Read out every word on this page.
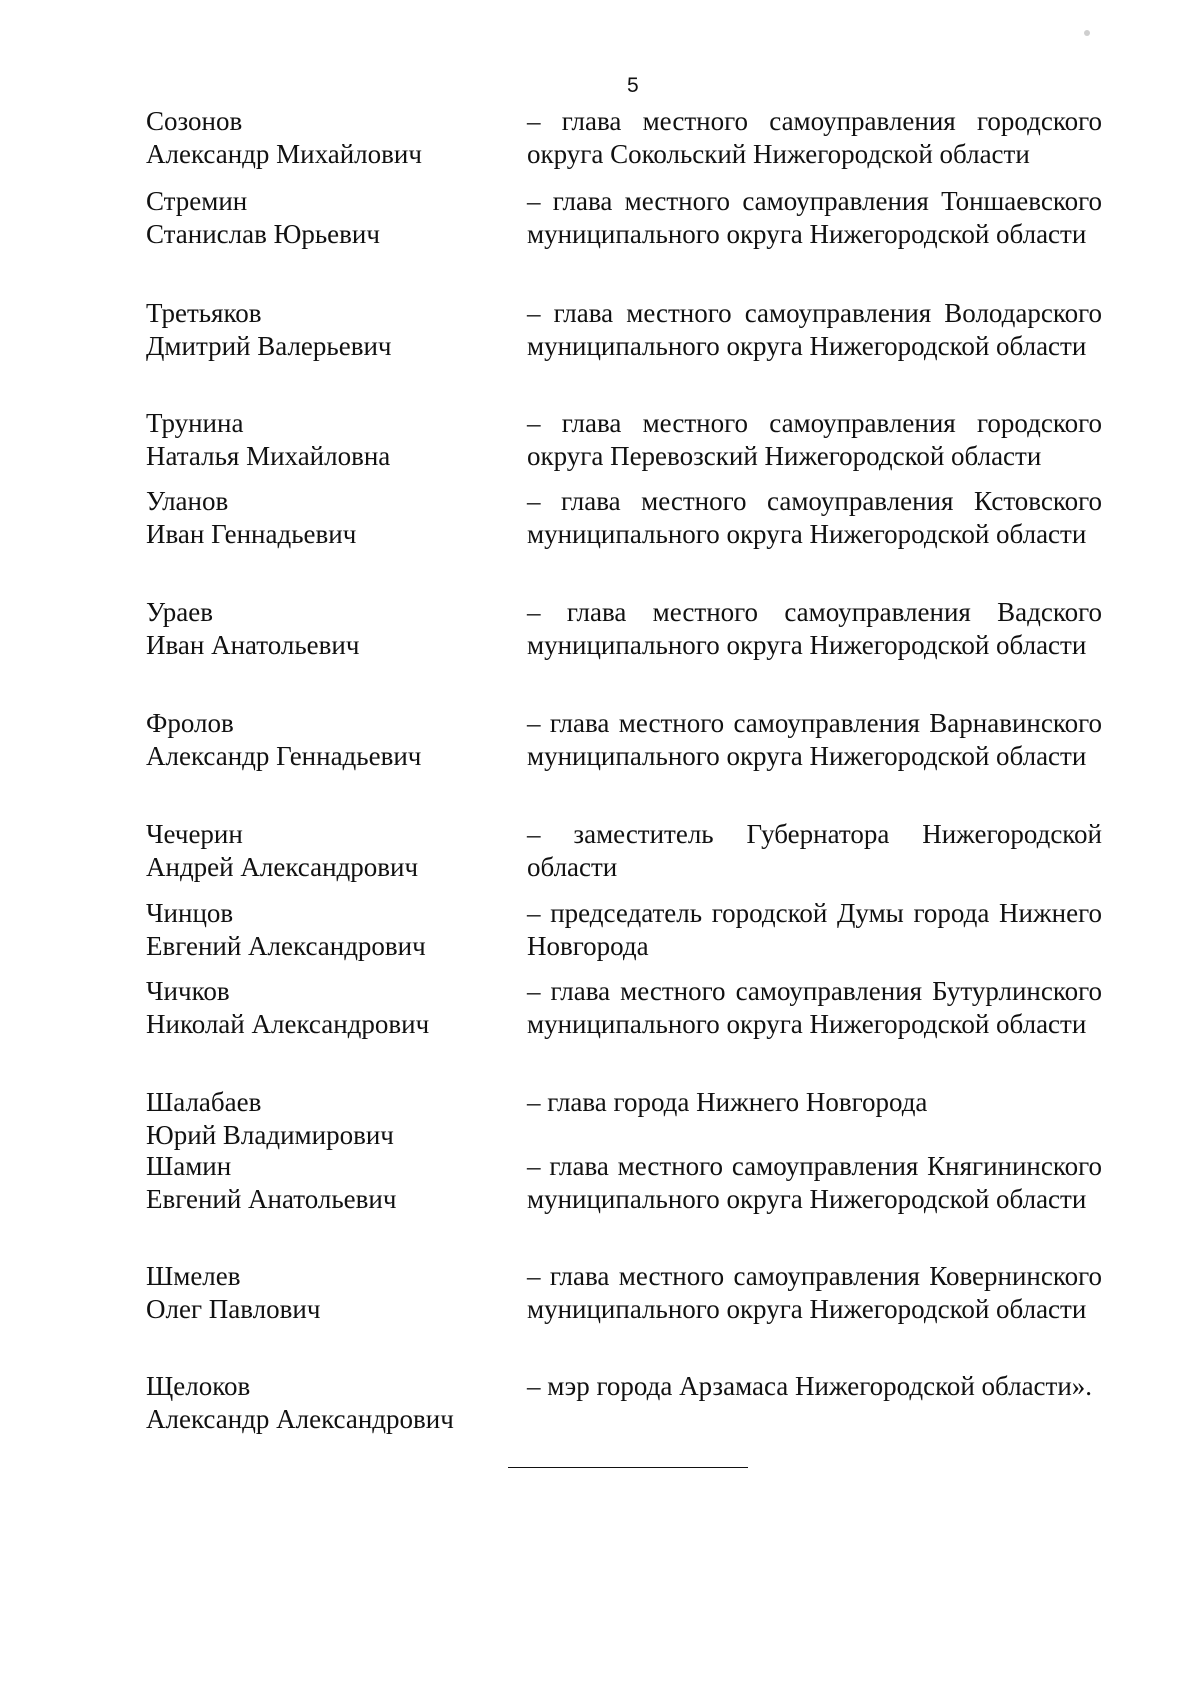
5
Созонов
Александр Михайлович
– глава местного самоуправления городского округа Сокольский Нижегородской области
Стремин
Станислав Юрьевич
– глава местного самоуправления Тоншаевского муниципального округа Нижегородской области
Третьяков
Дмитрий Валерьевич
– глава местного самоуправления Володарского муниципального округа Нижегородской области
Трунина
Наталья Михайловна
– глава местного самоуправления городского округа Перевозский Нижегородской области
Уланов
Иван Геннадьевич
– глава местного самоуправления Кстовского муниципального округа Нижегородской области
Ураев
Иван Анатольевич
– глава местного самоуправления Вадского муниципального округа Нижегородской области
Фролов
Александр Геннадьевич
– глава местного самоуправления Варнавинского муниципального округа Нижегородской области
Чечерин
Андрей Александрович
– заместитель Губернатора Нижегородской области
Чинцов
Евгений Александрович
– председатель городской Думы города Нижнего Новгорода
Чичков
Николай Александрович
– глава местного самоуправления Бутурлинского муниципального округа Нижегородской области
Шалабаев
Юрий Владимирович
– глава города Нижнего Новгорода
Шамин
Евгений Анатольевич
– глава местного самоуправления Княгининского муниципального округа Нижегородской области
Шмелев
Олег Павлович
– глава местного самоуправления Ковернинского муниципального округа Нижегородской области
Щелоков
Александр Александрович
– мэр города Арзамаса Нижегородской области».
